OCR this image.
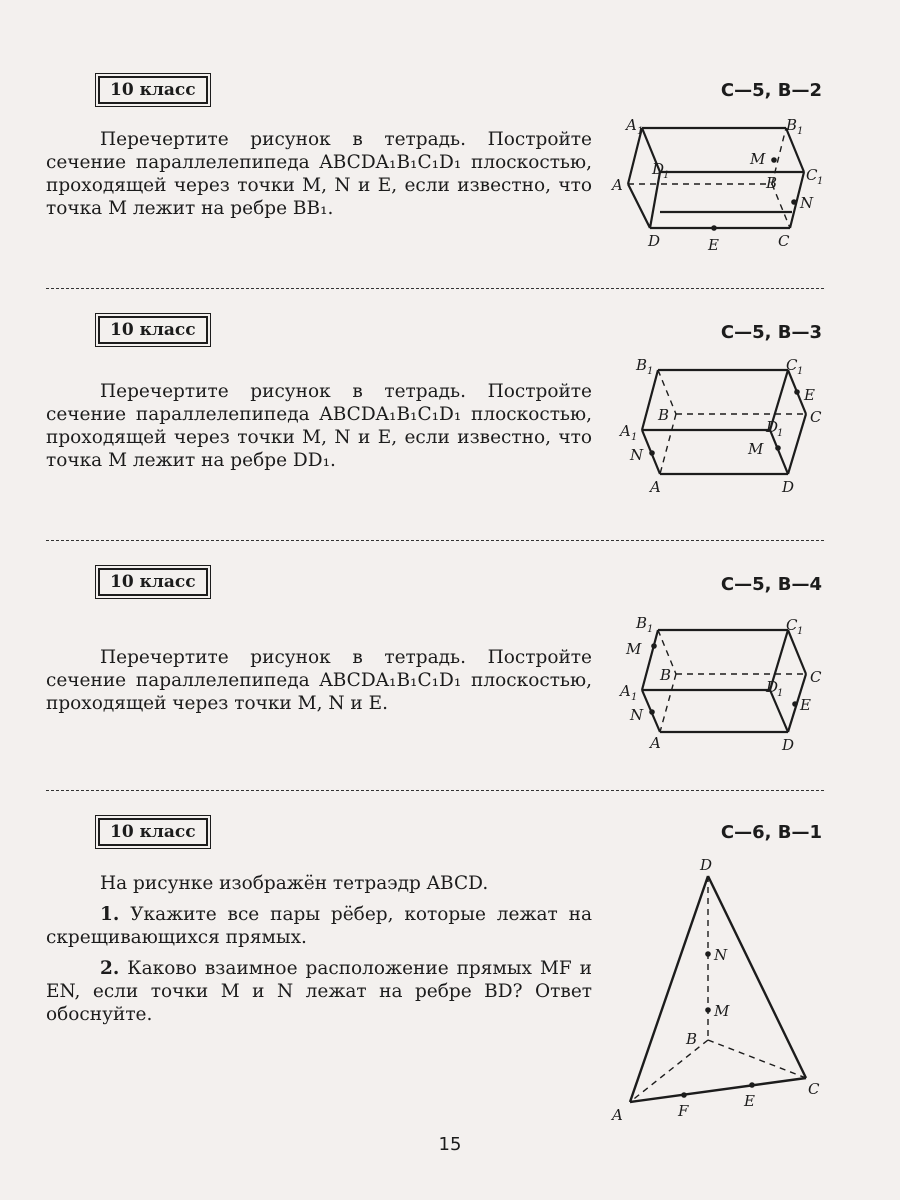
10 класс	С—5, В—2
Перечертите рисунок в тетрадь. Постройте сечение параллелепипеда ABCDA₁B₁C₁D₁ плоскостью, проходящей через точки M, N и E, если известно, что точка M лежит на ребре BB₁.
A 1	B 1
C 1
D
1
A	B
C
D
M
N
E
10 класс	С—5, В—3
Перечертите рисунок в тетрадь. Постройте сечение параллелепипеда ABCDA₁B₁C₁D₁ плоскостью, проходящей через точки M, N и E, если известно, что точка M лежит на ребре DD₁.
B 1	C 1
E
C
B
A 1
D
1
M
N
A	D
10 класс	С—5, В—4
Перечертите рисунок в тетрадь. Постройте сечение параллелепипеда ABCDA₁B₁C₁D₁ плоскостью, проходящей через точки M, N и E.
B 1	C 1
M
C
B
A 1
D
1
E
N
A	D
10 класс	С—6, В—1
На рисунке изображён тетраэдр ABCD.
1. Укажите все пары рёбер, которые лежат на скрещивающихся прямых.
2. Каково взаимное расположение прямых MF и EN, если точки M и N лежат на ребре BD? Ответ обоснуйте.
D
N
M
B
C
E
F
A
15
